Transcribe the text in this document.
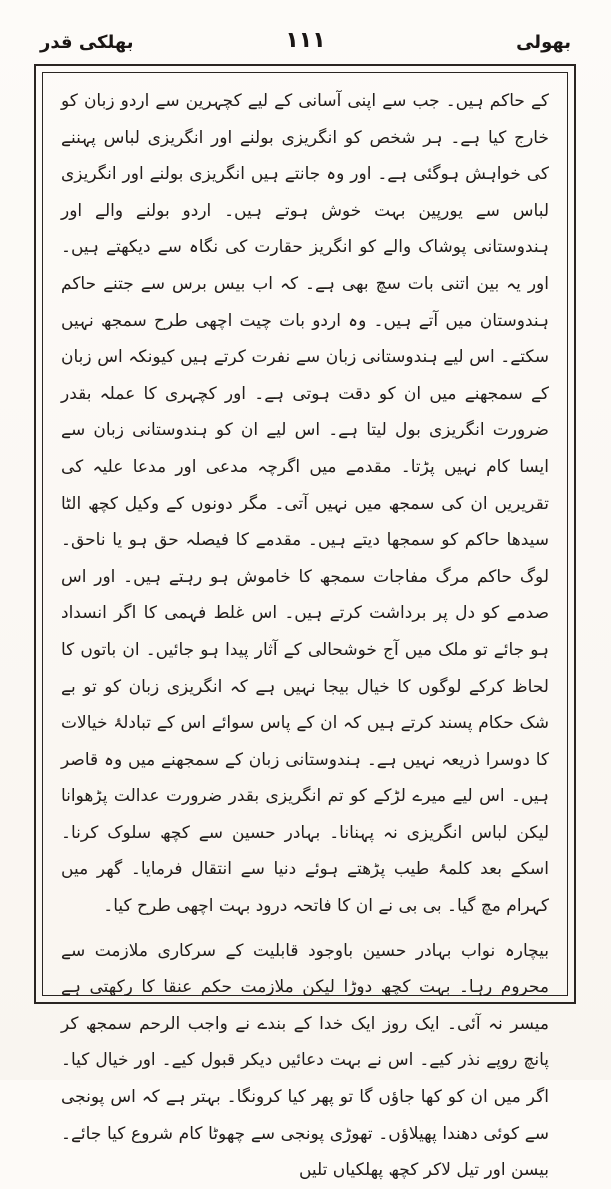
بھولی
۱۱۱
بھلکی قدر

کے حاکم ہیں۔ جب سے اپنی آسانی کے لیے کچہرین سے اردو زبان کو خارج کیا ہے۔ ہر شخص کو انگریزی بولنے اور انگریزی لباس پہننے کی خواہش ہوگئی ہے۔ اور وہ جانتے ہیں انگریزی بولنے اور انگریزی لباس سے یورپین بہت خوش ہوتے ہیں۔ اردو بولنے والے اور ہندوستانی پوشاک والے کو انگریز حقارت کی نگاہ سے دیکھتے ہیں۔ اور یہ بین اتنی بات سچ بھی ہے۔ کہ اب بیس برس سے جتنے حاکم ہندوستان میں آتے ہیں۔ وہ اردو بات چیت اچھی طرح سمجھ نہیں سکتے۔ اس لیے ہندوستانی زبان سے نفرت کرتے ہیں کیونکہ اس زبان کے سمجھنے میں ان کو دقت ہوتی ہے۔ اور کچہری کا عملہ بقدر ضرورت انگریزی بول لیتا ہے۔ اس لیے ان کو ہندوستانی زبان سے ایسا کام نہیں پڑتا۔ مقدمے میں اگرچہ مدعی اور مدعا علیہ کی تقریریں ان کی سمجھ میں نہیں آتی۔ مگر دونوں کے وکیل کچھ الٹا سیدھا حاکم کو سمجھا دیتے ہیں۔ مقدمے کا فیصلہ حق ہو یا ناحق۔ لوگ حاکم مرگ مفاجات سمجھ کا خاموش ہو رہتے ہیں۔ اور اس صدمے کو دل پر برداشت کرتے ہیں۔ اس غلط فہمی کا اگر انسداد ہو جائے تو ملک میں آج خوشحالی کے آثار پیدا ہو جائیں۔ ان باتوں کا لحاظ کرکے لوگوں کا خیال بیجا نہیں ہے کہ انگریزی زبان کو تو بے شک حکام پسند کرتے ہیں کہ ان کے پاس سوائے اس کے تبادلۂ خیالات کا دوسرا ذریعہ نہیں ہے۔ ہندوستانی زبان کے سمجھنے میں وہ قاصر ہیں۔ اس لیے میرے لڑکے کو تم انگریزی بقدر ضرورت عدالت پڑھوانا لیکن لباس انگریزی نہ پہنانا۔ بہادر حسین سے کچھ سلوک کرنا۔ اسکے بعد کلمۂ طیب پڑھتے ہوئے دنیا سے انتقال فرمایا۔ گھر میں کہرام مچ گیا۔ بی بی نے ان کا فاتحہ درود بہت اچھی طرح کیا۔

بیچارہ نواب بہادر حسین باوجود قابلیت کے سرکاری ملازمت سے محروم رہا۔ بہت کچھ دوڑا لیکن ملازمت حکم عنقا کا رکھتی ہے میسر نہ آئی۔ ایک روز ایک خدا کے بندے نے واجب الرحم سمجھ کر پانچ روپے نذر کیے۔ اس نے بہت دعائیں دیکر قبول کیے۔ اور خیال کیا۔ اگر میں ان کو کھا جاؤں گا تو پھر کیا کرونگا۔ بہتر ہے کہ اس پونجی سے کوئی دھندا پھیلاؤں۔ تھوڑی پونجی سے چھوٹا کام شروع کیا جائے۔ بیسن اور تیل لاکر کچھ پھلکیاں تلیں
